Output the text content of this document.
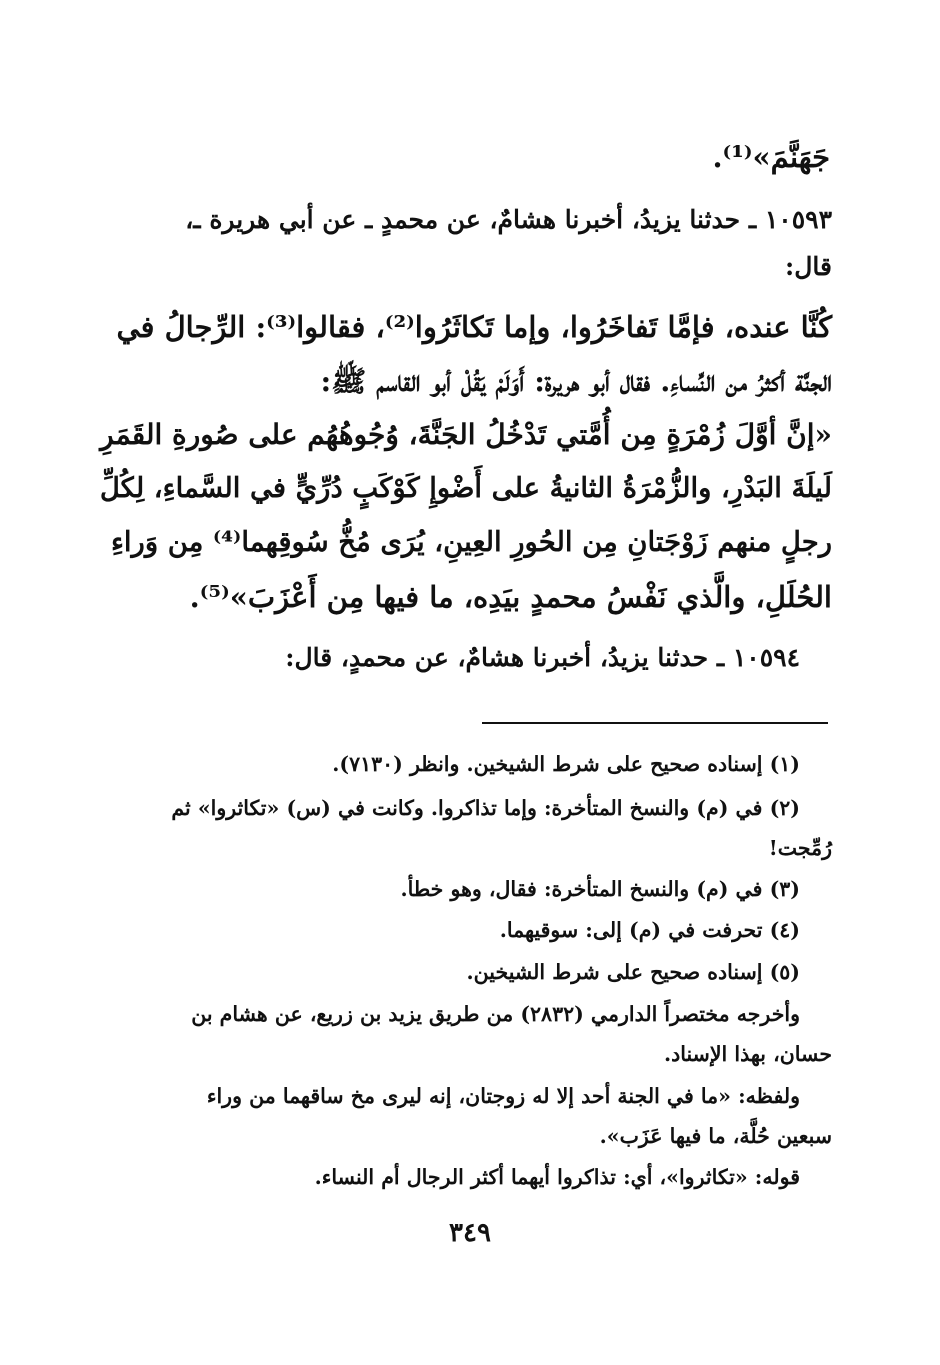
جَهَنَّمَ»⁽¹⁾.
١٠٥٩٣ ـ حدثنا يزيدُ، أخبرنا هشامٌ، عن محمدٍ ـ عن أبي هريرة ـ،
قال:
كُنَّا عنده، فإمَّا تَفاخَرُوا، وإما تَكاثَرُوا⁽²⁾، فقالوا⁽³⁾: الرِّجالُ في
الجنَّة أكثرُ من النِّساءِ. فقال أبو هريرة: أَوَلَمْ يَقُلْ أبو القاسم ﷺ:
«إنَّ أوَّلَ زُمْرَةٍ مِن أُمَّتي تَدْخُلُ الجَنَّةَ، وُجُوهُهُم على صُورةِ القَمَرِ
لَيلَةَ البَدْرِ، والزُّمْرَةُ الثانيةُ على أَضْوإِ كَوْكَبٍ دُرِّيٍّ في السَّماءِ، لِكُلِّ
رجلٍ منهم زَوْجَتانِ مِن الحُورِ العِينِ، يُرَى مُخُّ سُوقِهما⁽⁴⁾ مِن وَراءِ
الحُلَلِ، والَّذي نَفْسُ محمدٍ بيَدِه، ما فيها مِن أَعْزَبَ»⁽⁵⁾.
١٠٥٩٤ ـ حدثنا يزيدُ، أخبرنا هشامٌ، عن محمدٍ، قال:
(١) إسناده صحيح على شرط الشيخين. وانظر (٧١٣٠).
(٢) في (م) والنسخ المتأخرة: وإما تذاكروا. وكانت في (س) «تكاثروا» ثم
رُمِّجت!
(٣) في (م) والنسخ المتأخرة: فقال، وهو خطأ.
(٤) تحرفت في (م) إلى: سوقيهما.
(٥) إسناده صحيح على شرط الشيخين.
وأخرجه مختصراً الدارمي (٢٨٣٢) من طريق يزيد بن زريع، عن هشام بن
حسان، بهذا الإسناد.
ولفظه: «ما في الجنة أحد إلا له زوجتان، إنه ليرى مخ ساقهما من وراء
سبعين حُلَّة، ما فيها عَزَب».
قوله: «تكاثروا»، أي: تذاكروا أيهما أكثر الرجال أم النساء.
٣٤٩
